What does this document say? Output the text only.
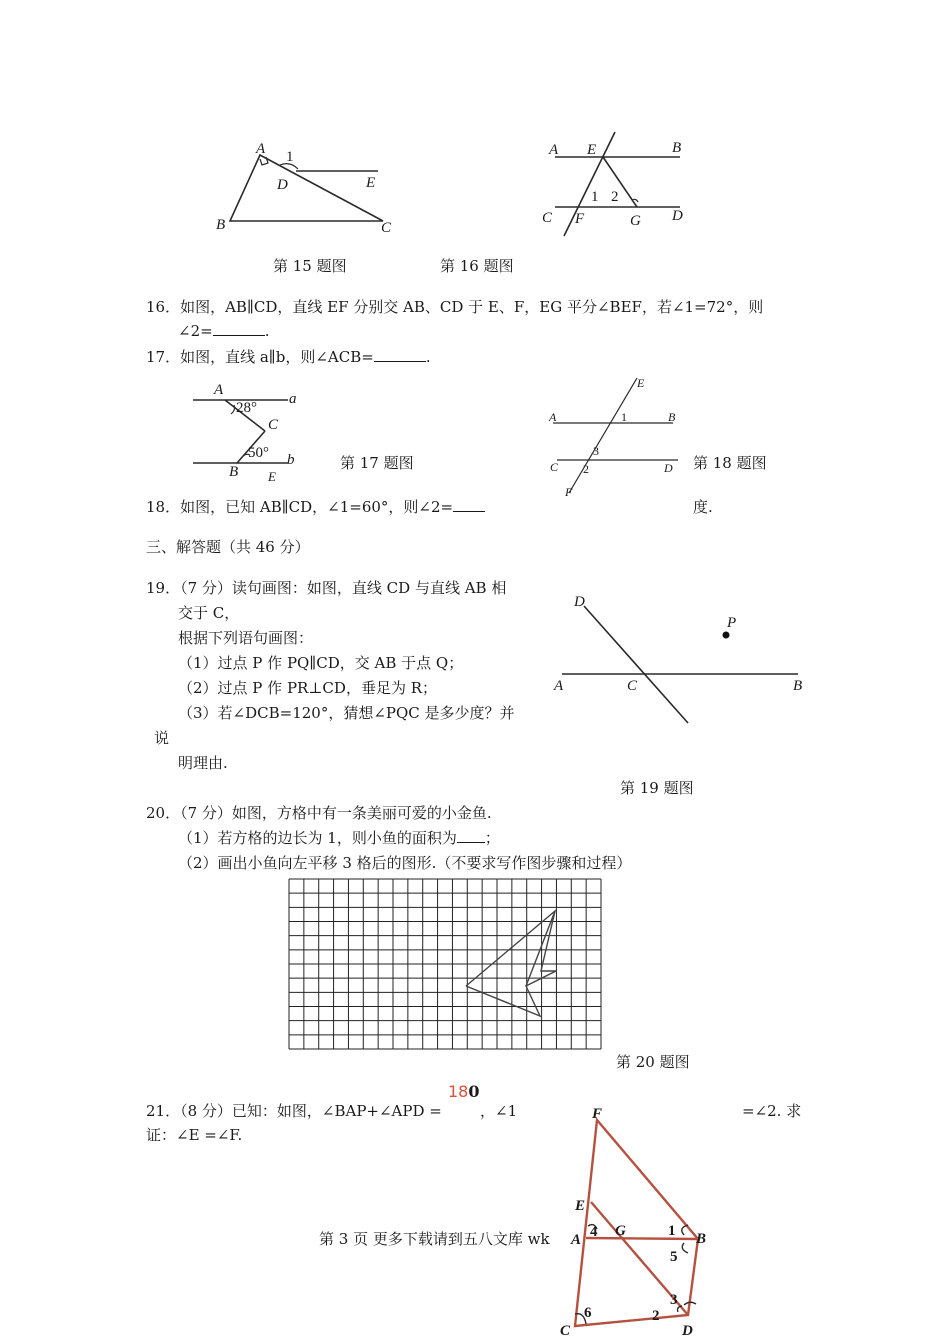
A 1
D	E
B	C
A E	B
1 2
C F	G D
第 15 题图	第 16 题图
16．如图，AB∥CD，直线 EF 分别交 AB、CD 于 E、F，EG 平分∠BEF，若∠1=72°，则
∠2=	.
17．如图，直线 a∥b，则∠ACB=	.
A
28°
a
C
50° b
B E
第 17 题图
E
A	1	B
3
C 2	D
F
第 18 题图
18．如图，已知 AB∥CD，∠1=60°，则∠2=	度.
三、解答题（共 46 分）
19．（7 分）读句画图：如图，直线 CD 与直线 AB 相
交于 C，
根据下列语句画图：
（1）过点 P 作 PQ∥CD，交 AB 于点 Q；
（2）过点 P 作 PR⊥CD，垂足为 R；
（3）若∠DCB=120°，猜想∠PQC 是多少度？并
说
明理由.
D
P
A	C	B
第 19 题图
20．（7 分）如图，方格中有一条美丽可爱的小金鱼.
（1）若方格的边长为 1，则小鱼的面积为 ；
（2）画出小鱼向左平移 3 格后的图形.（不要求写作图步骤和过程）
第 20 题图
21．（8 分）已知：如图，∠BAP+∠APD =
180
，∠1	=∠2. 求
证：∠E =∠F.
第 3 页 更多下载请到五八文库 wk
F
E
4 G	1
A	B
5
6
3
2
C	D
